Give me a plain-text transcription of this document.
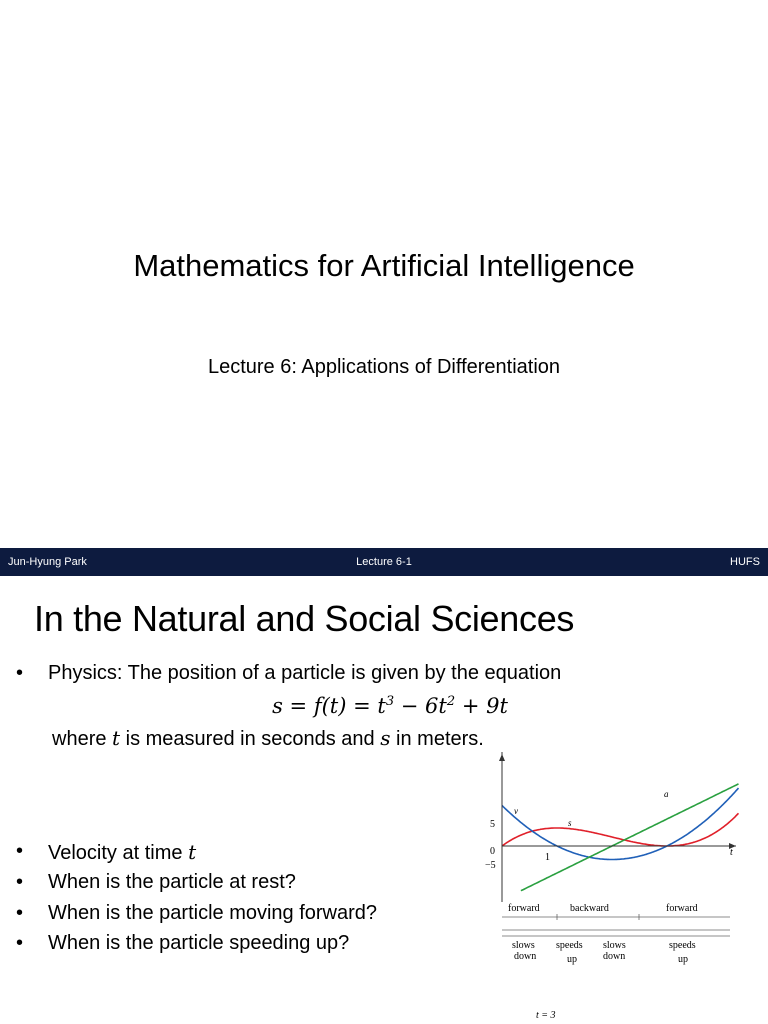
Mathematics for Artificial Intelligence
Lecture 6: Applications of Differentiation
Jun-Hyung Park	Lecture 6-1	HUFS
In the Natural and Social Sciences
• Physics: The position of a particle is given by the equation
• Velocity at time t
• When is the particle at rest?
• When is the particle moving forward?
• When is the particle speeding up?
$s = f(t) = t^3 - 6t^2 + 9t$
where t is measured in seconds and s in meters.
t
5
0
−5
1
v
s
a
forward	backward	forward
slows
down
speeds
up
slows
down
speeds
up
t = 3
